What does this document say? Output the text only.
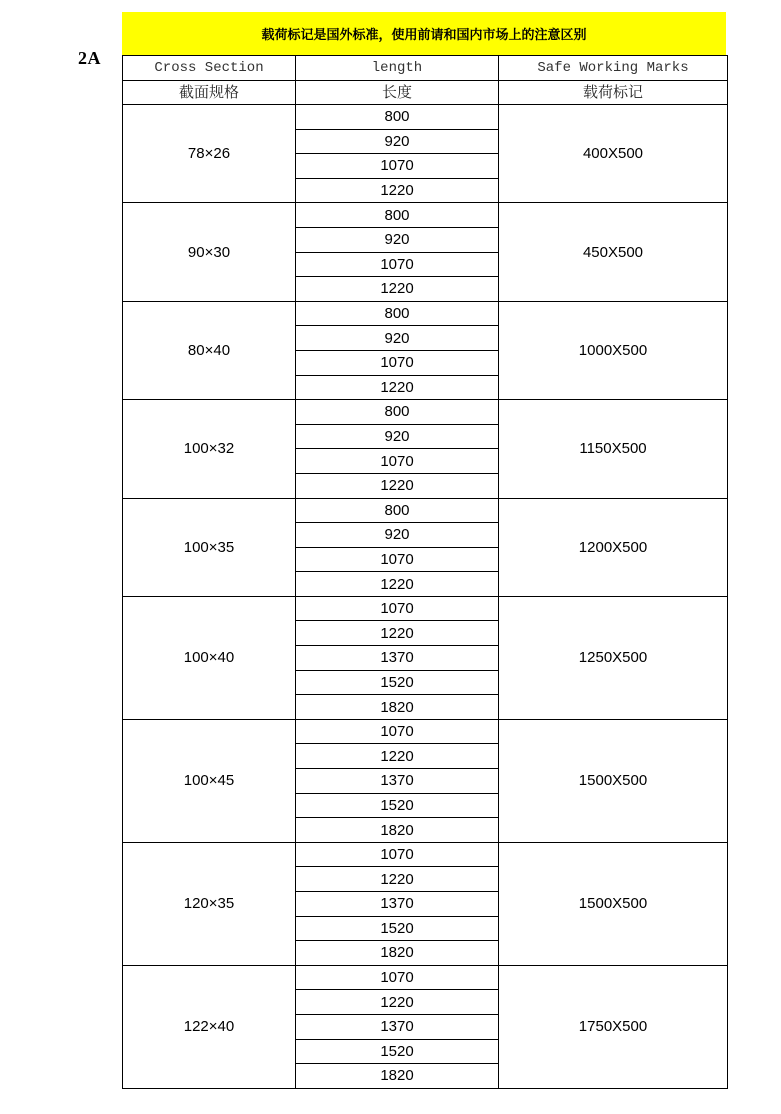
2A
载荷标记是国外标准，使用前请和国内市场上的注意区别
Cross Section	length	Safe Working Marks
截面规格	长度	载荷标记
78×26	800	400X500
	920	
	1070	
	1220	
90×30	800	450X500
	920	
	1070	
	1220	
80×40	800	1000X500
	920	
	1070	
	1220	
100×32	800	1150X500
	920	
	1070	
	1220	
100×35	800	1200X500
	920	
	1070	
	1220	
100×40	1070	1250X500
	1220	
	1370	
	1520	
	1820	
100×45	1070	1500X500
	1220	
	1370	
	1520	
	1820	
120×35	1070	1500X500
	1220	
	1370	
	1520	
	1820	
122×40	1070	1750X500
	1220	
	1370	
	1520	
	1820	
